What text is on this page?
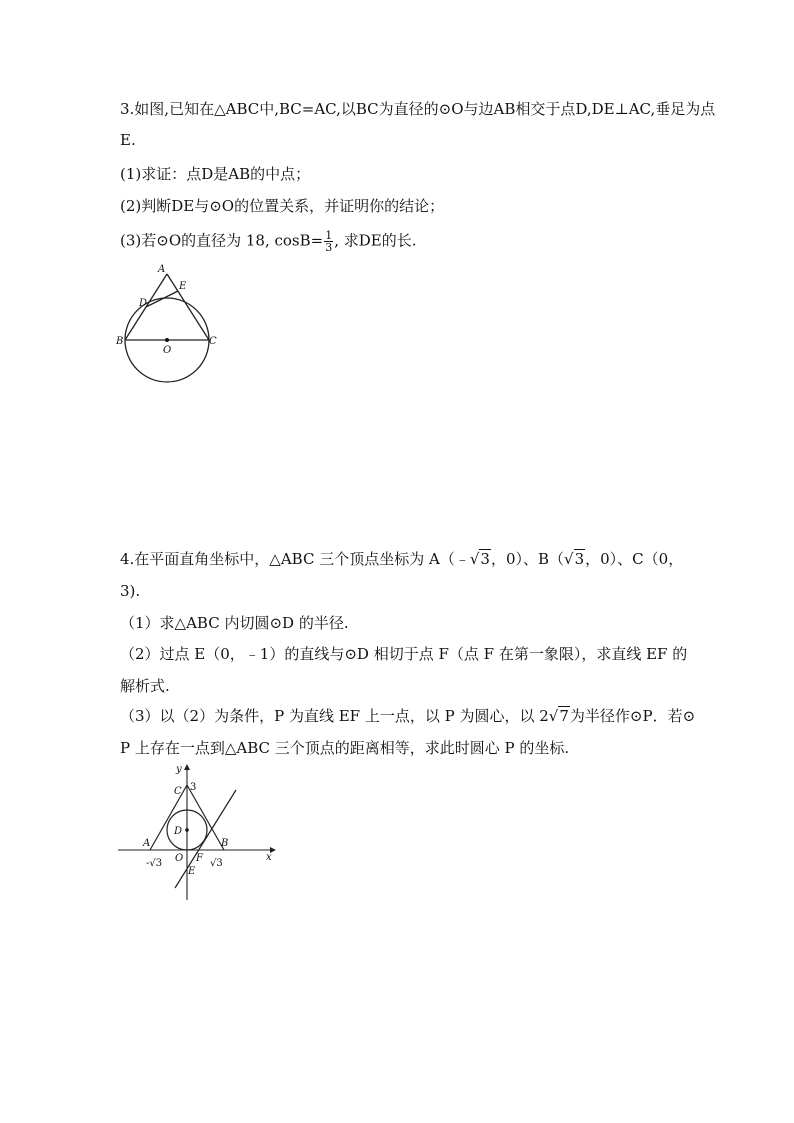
3.如图,已知在△ABC中,BC=AC,以BC为直径的⊙O与边AB相交于点D,DE⊥AC,垂足为点
E.
(1)求证：点D是AB的中点；
(2)判断DE与⊙O的位置关系，并证明你的结论；
(3)若⊙O的直径为 18, $\cos B= \frac{1}{3}$ , 求DE的长.
A
E
D
B	C
O
4.在平面直角坐标中，△ABC 三个顶点坐标为 A（﹣√3，0）、B（√3，0）、C（0，
3).
（1）求△ABC 内切圆⊙D 的半径.
（2）过点 E（0，﹣1）的直线与⊙D 相切于点 F（点 F 在第一象限），求直线 EF 的
解析式.
（3）以（2）为条件，P 为直线 EF 上一点，以 P 为圆心，以 2√7为半径作⊙P．若⊙
P 上存在一点到△ABC 三个顶点的距离相等，求此时圆心 P 的坐标.
y
x
C 3
D
A	B
O F
E
-√3	√3
